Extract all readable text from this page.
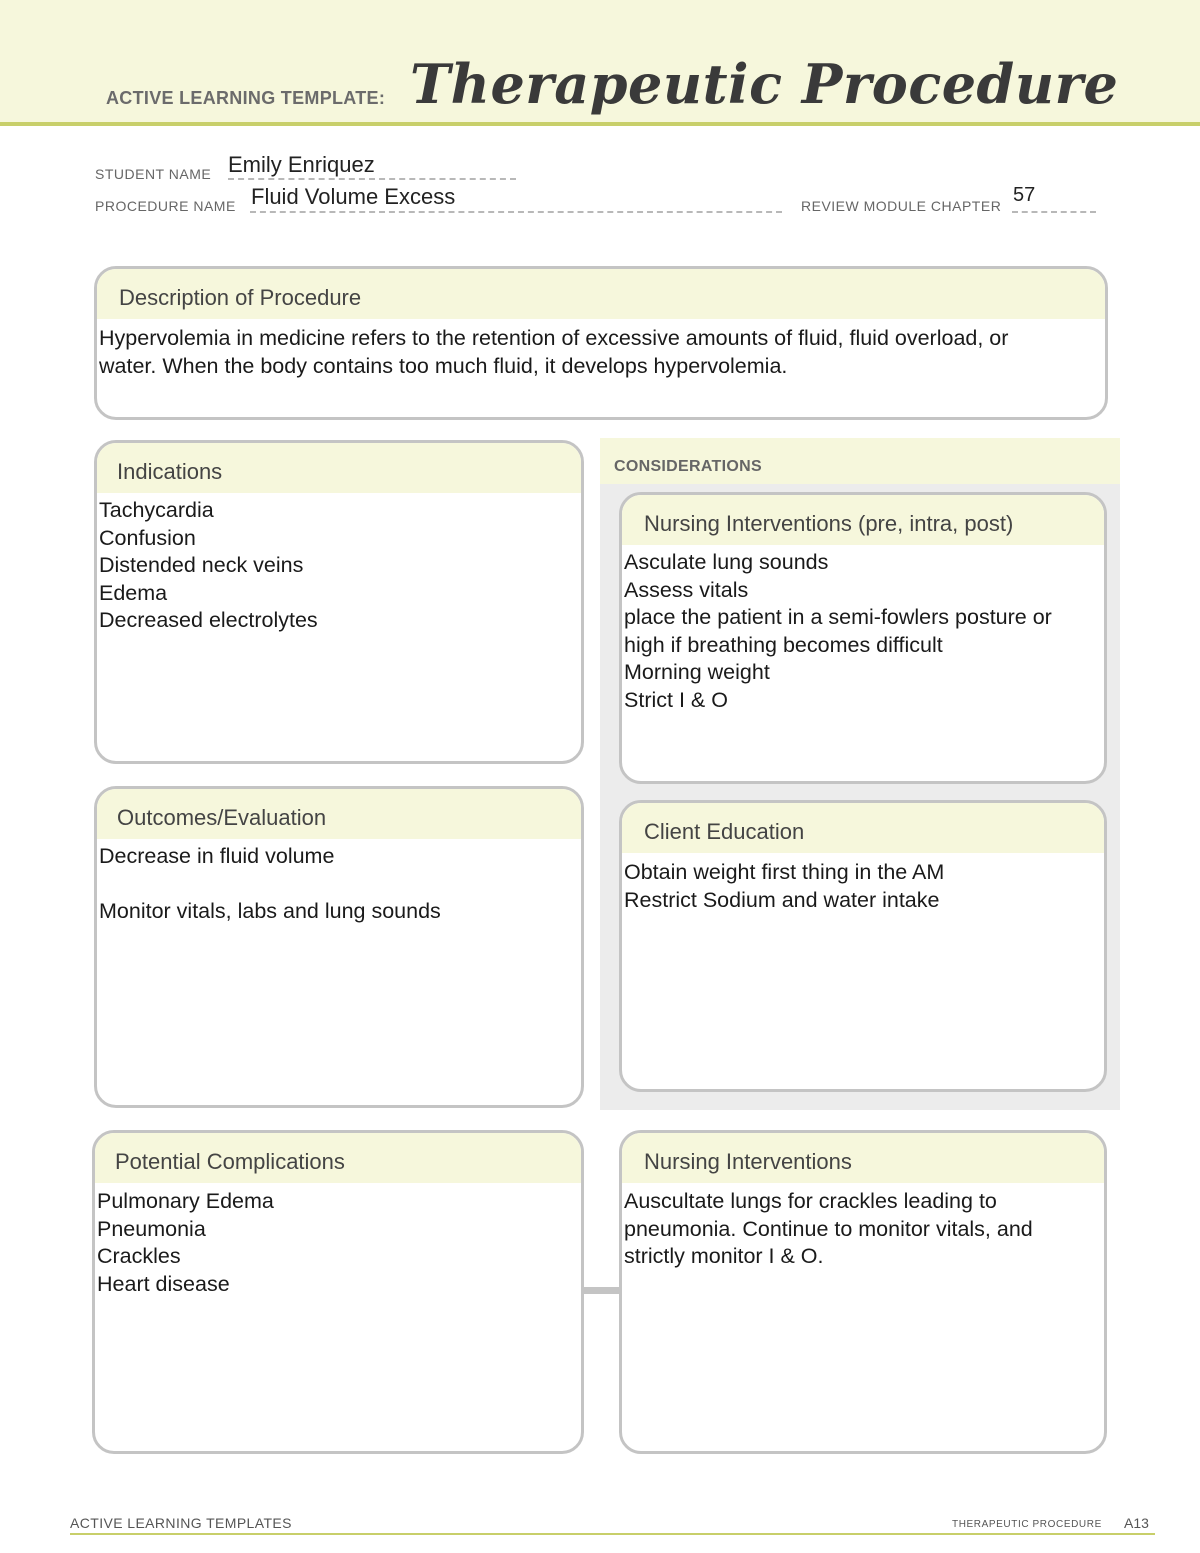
ACTIVE LEARNING TEMPLATE: Therapeutic Procedure
STUDENT NAME Emily Enriquez
PROCEDURE NAME Fluid Volume Excess	REVIEW MODULE CHAPTER 57
Description of Procedure
Hypervolemia in medicine refers to the retention of excessive amounts of fluid, fluid overload, or
water. When the body contains too much fluid, it develops hypervolemia.
CONSIDERATIONS
Indications
Tachycardia
Confusion
Distended neck veins
Edema
Decreased electrolytes
Nursing Interventions (pre, intra, post)
Asculate lung sounds
Assess vitals
place the patient in a semi-fowlers posture or
high if breathing becomes difficult
Morning weight
Strict I & O
Outcomes/Evaluation
Decrease in fluid volume
Monitor vitals, labs and lung sounds
Client Education
Obtain weight first thing in the AM
Restrict Sodium and water intake
Potential Complications
Pulmonary Edema
Pneumonia
Crackles
Heart disease
Nursing Interventions
Auscultate lungs for crackles leading to
pneumonia. Continue to monitor vitals, and
strictly monitor I & O.
ACTIVE LEARNING TEMPLATES	THERAPEUTIC PROCEDURE A13
